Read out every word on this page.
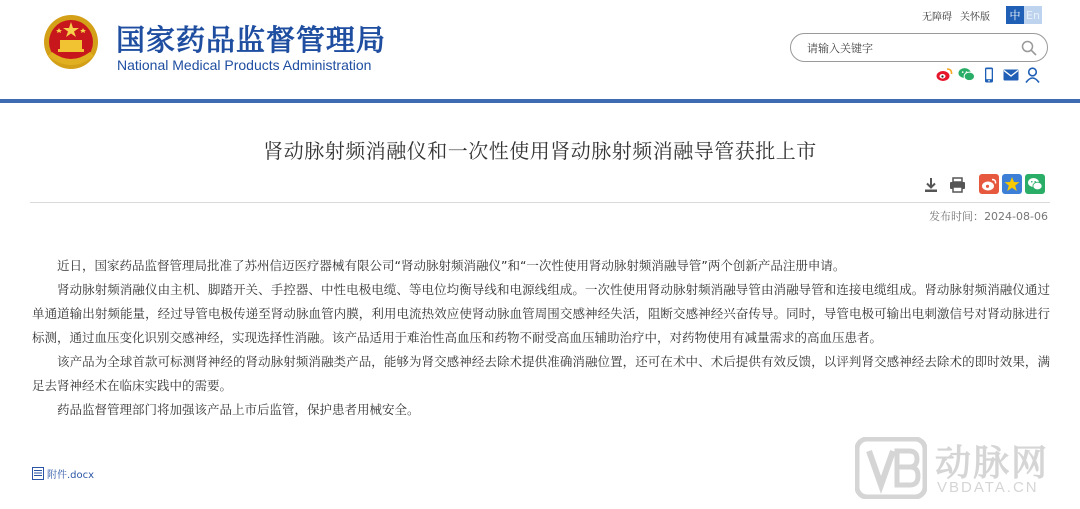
国家药品监督管理局
National Medical Products Administration
无障碍 关怀版	中 En
请输入关键字
肾动脉射频消融仪和一次性使用肾动脉射频消融导管获批上市
发布时间：2024-08-06

近日，国家药品监督管理局批准了苏州信迈医疗器械有限公司“肾动脉射频消融仪”和“一次性使用肾动脉射频消融导管”两个创新产品注册申请。

肾动脉射频消融仪由主机、脚踏开关、手控器、中性电极电缆、等电位均衡导线和电源线组成。一次性使用肾动脉射频消融导管由消融导管和连接电缆组成。肾动脉射频消融仪通过单通道输出射频能量，经过导管电极传递至肾动脉血管内膜，利用电流热效应使肾动脉血管周围交感神经失活，阻断交感神经兴奋传导。同时，导管电极可输出电刺激信号对肾动脉进行标测，通过血压变化识别交感神经，实现选择性消融。该产品适用于难治性高血压和药物不耐受高血压辅助治疗中，对药物使用有减量需求的高血压患者。

该产品为全球首款可标测肾神经的肾动脉射频消融类产品，能够为肾交感神经去除术提供准确消融位置，还可在术中、术后提供有效反馈，以评判肾交感神经去除术的即时效果，满足去肾神经术在临床实践中的需要。

药品监督管理部门将加强该产品上市后监管，保护患者用械安全。

附件.docx	动脉网
VBDATA.CN
